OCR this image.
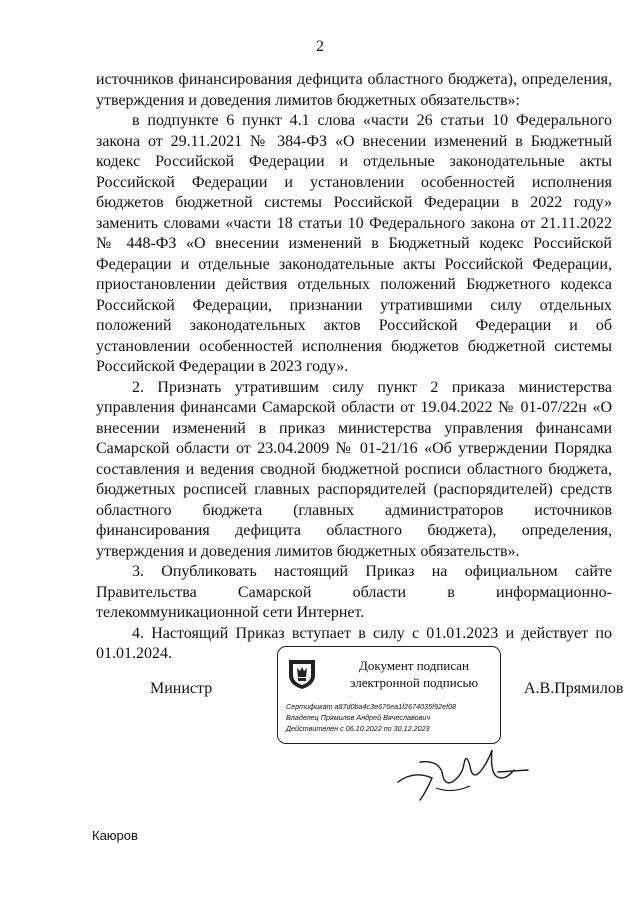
2

источников финансирования дефицита областного бюджета), определения, утверждения и доведения лимитов бюджетных обязательств»:

в подпункте 6 пункт 4.1 слова «части 26 статьи 10 Федерального закона от 29.11.2021 № 384-ФЗ «О внесении изменений в Бюджетный кодекс Российской Федерации и отдельные законодательные акты Российской Федерации и установлении особенностей исполнения бюджетов бюджетной системы Российской Федерации в 2022 году» заменить словами «части 18 статьи 10 Федерального закона от 21.11.2022 № 448-ФЗ «О внесении изменений в Бюджетный кодекс Российской Федерации и отдельные законодательные акты Российской Федерации, приостановлении действия отдельных положений Бюджетного кодекса Российской Федерации, признании утратившими силу отдельных положений законодательных актов Российской Федерации и об установлении особенностей исполнения бюджетов бюджетной системы Российской Федерации в 2023 году».

2. Признать утратившим силу пункт 2 приказа министерства управления финансами Самарской области от 19.04.2022 № 01-07/22н «О внесении изменений в приказ министерства управления финансами Самарской области от 23.04.2009 № 01-21/16 «Об утверждении Порядка составления и ведения сводной бюджетной росписи областного бюджета, бюджетных росписей главных распорядителей (распорядителей) средств областного бюджета (главных администраторов источников финансирования дефицита областного бюджета), определения, утверждения и доведения лимитов бюджетных обязательств».

3. Опубликовать настоящий Приказ на официальном сайте Правительства Самарской области в информационно-телекоммуникационной сети Интернет.

4. Настоящий Приказ вступает в силу с 01.01.2023 и действует по 01.01.2024.

Министр
Документ подписан
электронной подписью
Сертификат a87d0ba4c3e676ea1f2674035f92ef08
Владелец Прямилов Андрей Вячеславович
Действителен с 06.10.2022 по 30.12.2023
А.В.Прямилов
Каюров
